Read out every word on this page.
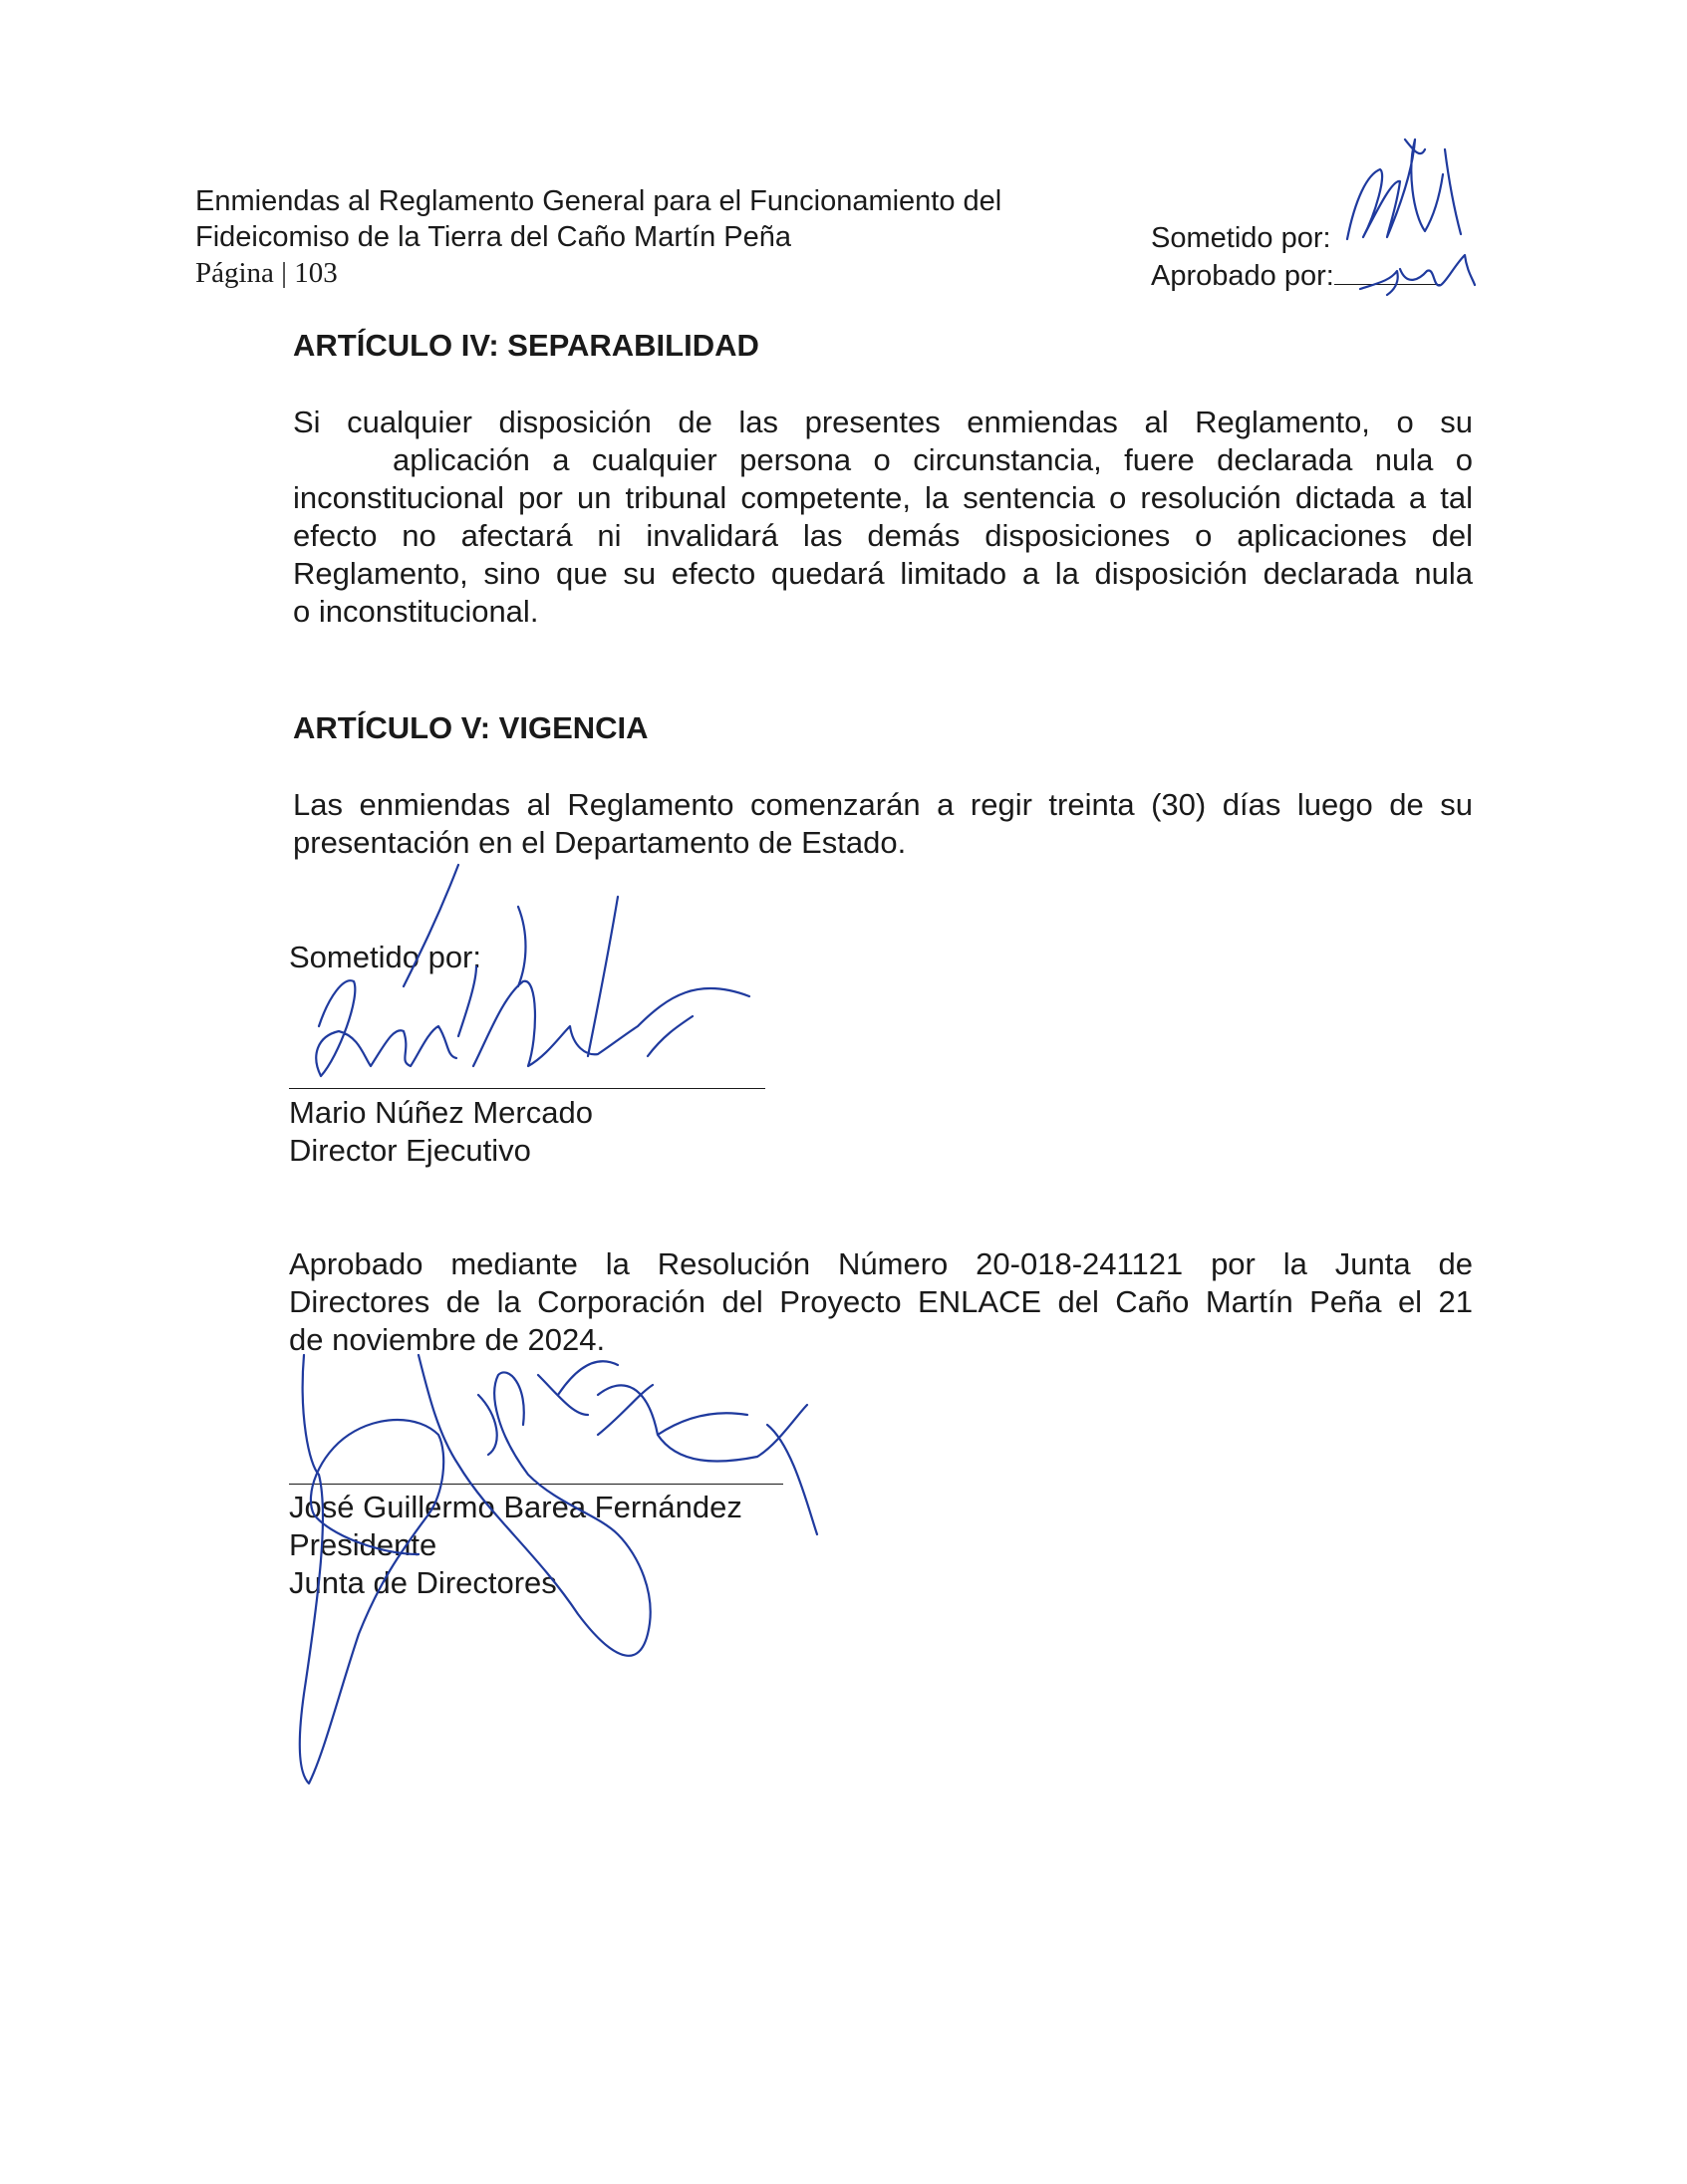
Enmiendas al Reglamento General para el Funcionamiento del
Fideicomiso de la Tierra del Caño Martín Peña
Página | 103
Sometido por:
Aprobado por:
ARTÍCULO IV: SEPARABILIDAD
Si cualquier disposición de las presentes enmiendas al Reglamento, o su
aplicación a cualquier persona o circunstancia, fuere declarada nula o
inconstitucional por un tribunal competente, la sentencia o resolución dictada a tal
efecto no afectará ni invalidará las demás disposiciones o aplicaciones del
Reglamento, sino que su efecto quedará limitado a la disposición declarada nula
o inconstitucional.
ARTÍCULO V: VIGENCIA
Las enmiendas al Reglamento comenzarán a regir treinta (30) días luego de su
presentación en el Departamento de Estado.
Sometido por:
Mario Núñez Mercado
Director Ejecutivo
Aprobado mediante la Resolución Número 20-018-241121 por la Junta de
Directores de la Corporación del Proyecto ENLACE del Caño Martín Peña el 21
de noviembre de 2024.
José Guillermo Barea Fernández
Presidente
Junta de Directores
